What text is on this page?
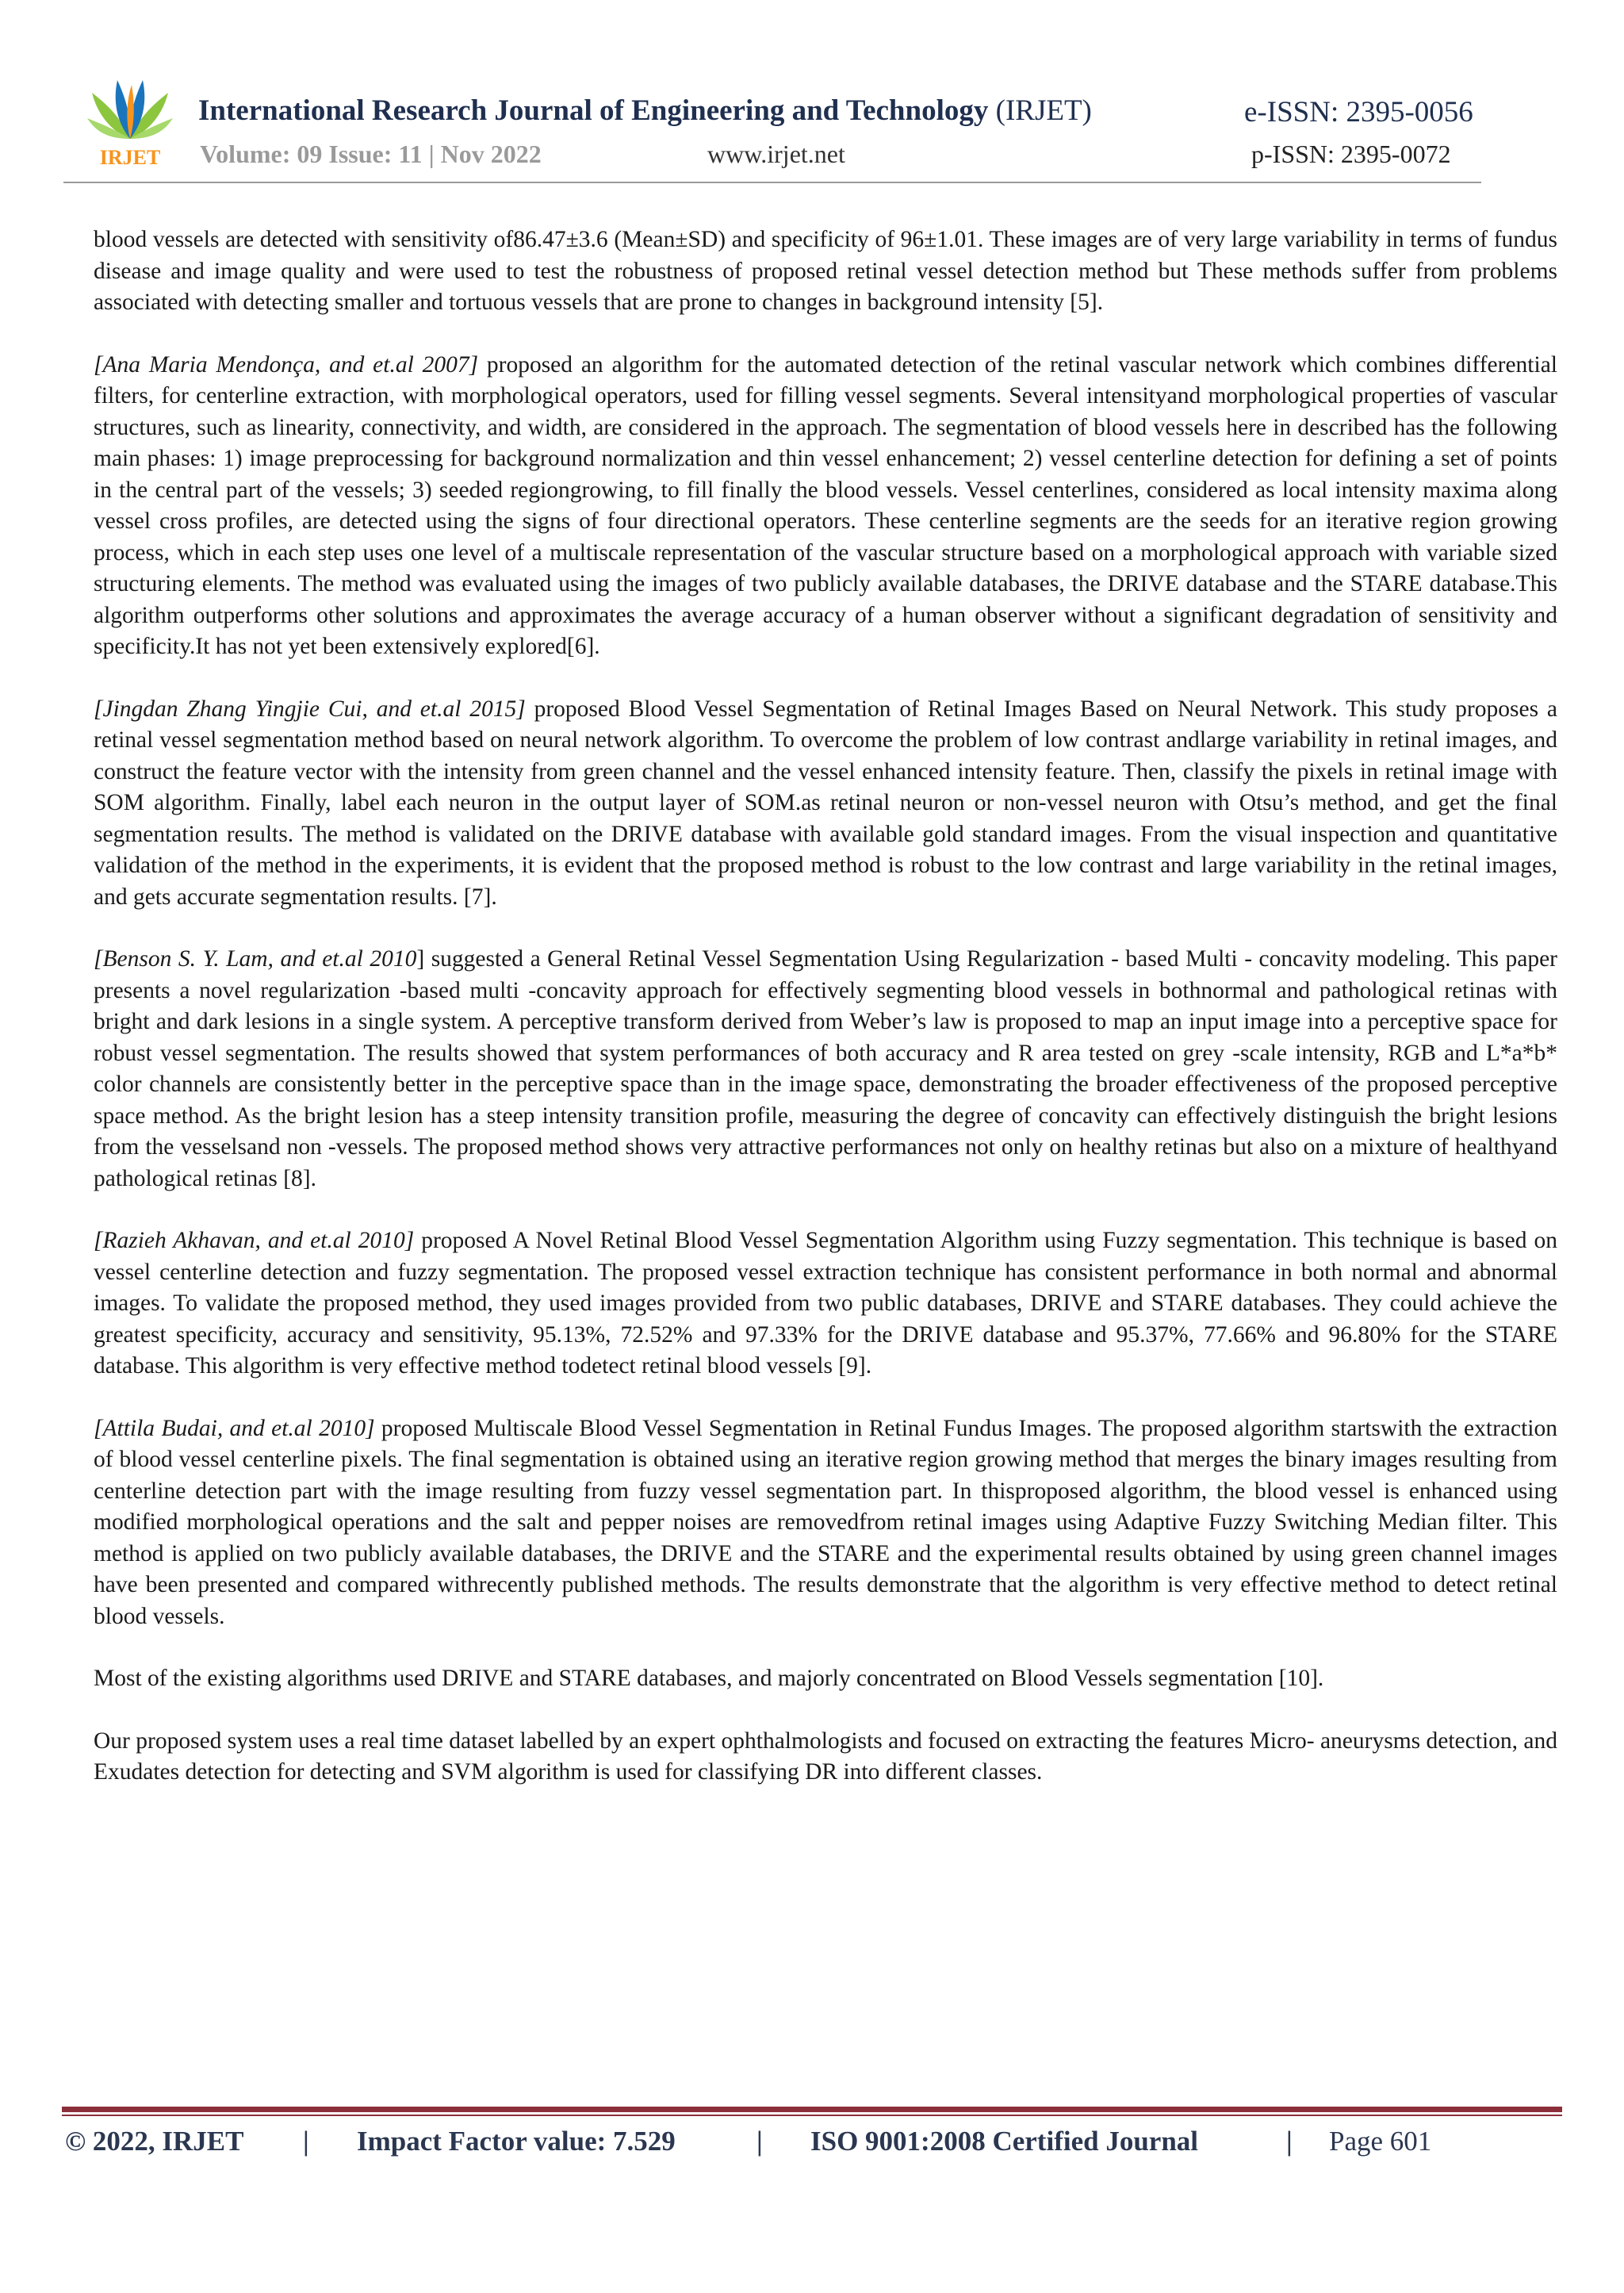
IRJET
International Research Journal of Engineering and Technology (IRJET)
Volume: 09 Issue: 11 | Nov 2022	www.irjet.net
e-ISSN: 2395-0056
p-ISSN: 2395-0072

blood vessels are detected with sensitivity of86.47±3.6 (Mean±SD) and specificity of 96±1.01. These images are of very large variability in terms of fundus disease and image quality and were used to test the robustness of proposed retinal vessel detection method but These methods suffer from problems associated with detecting smaller and tortuous vessels that are prone to changes in background intensity [5].

[Ana Maria Mendonça, and et.al 2007] proposed an algorithm for the automated detection of the retinal vascular network which combines differential filters, for centerline extraction, with morphological operators, used for filling vessel segments. Several intensityand morphological properties of vascular structures, such as linearity, connectivity, and width, are considered in the approach. The segmentation of blood vessels here in described has the following main phases: 1) image preprocessing for background normalization and thin vessel enhancement; 2) vessel centerline detection for defining a set of points in the central part of the vessels; 3) seeded regiongrowing, to fill finally the blood vessels. Vessel centerlines, considered as local intensity maxima along vessel cross profiles, are detected using the signs of four directional operators. These centerline segments are the seeds for an iterative region growing process, which in each step uses one level of a multiscale representation of the vascular structure based on a morphological approach with variable sized structuring elements. The method was evaluated using the images of two publicly available databases, the DRIVE database and the STARE database.This algorithm outperforms other solutions and approximates the average accuracy of a human observer without a significant degradation of sensitivity and specificity.It has not yet been extensively explored[6].

[Jingdan Zhang Yingjie Cui, and et.al 2015] proposed Blood Vessel Segmentation of Retinal Images Based on Neural Network. This study proposes a retinal vessel segmentation method based on neural network algorithm. To overcome the problem of low contrast andlarge variability in retinal images, and construct the feature vector with the intensity from green channel and the vessel enhanced intensity feature. Then, classify the pixels in retinal image with SOM algorithm. Finally, label each neuron in the output layer of SOM.as retinal neuron or non-vessel neuron with Otsu’s method, and get the final segmentation results. The method is validated on the DRIVE database with available gold standard images. From the visual inspection and quantitative validation of the method in the experiments, it is evident that the proposed method is robust to the low contrast and large variability in the retinal images, and gets accurate segmentation results. [7].

[Benson S. Y. Lam, and et.al 2010] suggested a General Retinal Vessel Segmentation Using Regularization - based Multi - concavity modeling. This paper presents a novel regularization -based multi -concavity approach for effectively segmenting blood vessels in bothnormal and pathological retinas with bright and dark lesions in a single system. A perceptive transform derived from Weber’s law is proposed to map an input image into a perceptive space for robust vessel segmentation. The results showed that system performances of both accuracy and R area tested on grey -scale intensity, RGB and L*a*b* color channels are consistently better in the perceptive space than in the image space, demonstrating the broader effectiveness of the proposed perceptive space method. As the bright lesion has a steep intensity transition profile, measuring the degree of concavity can effectively distinguish the bright lesions from the vesselsand non -vessels. The proposed method shows very attractive performances not only on healthy retinas but also on a mixture of healthyand pathological retinas [8].

[Razieh Akhavan, and et.al 2010] proposed A Novel Retinal Blood Vessel Segmentation Algorithm using Fuzzy segmentation. This technique is based on vessel centerline detection and fuzzy segmentation. The proposed vessel extraction technique has consistent performance in both normal and abnormal images. To validate the proposed method, they used images provided from two public databases, DRIVE and STARE databases. They could achieve the greatest specificity, accuracy and sensitivity, 95.13%, 72.52% and 97.33% for the DRIVE database and 95.37%, 77.66% and 96.80% for the STARE database. This algorithm is very effective method todetect retinal blood vessels [9].

[Attila Budai, and et.al 2010] proposed Multiscale Blood Vessel Segmentation in Retinal Fundus Images. The proposed algorithm startswith the extraction of blood vessel centerline pixels. The final segmentation is obtained using an iterative region growing method that merges the binary images resulting from centerline detection part with the image resulting from fuzzy vessel segmentation part. In thisproposed algorithm, the blood vessel is enhanced using modified morphological operations and the salt and pepper noises are removedfrom retinal images using Adaptive Fuzzy Switching Median filter. This method is applied on two publicly available databases, the DRIVE and the STARE and the experimental results obtained by using green channel images have been presented and compared withrecently published methods. The results demonstrate that the algorithm is very effective method to detect retinal blood vessels.

Most of the existing algorithms used DRIVE and STARE databases, and majorly concentrated on Blood Vessels segmentation [10].

Our proposed system uses a real time dataset labelled by an expert ophthalmologists and focused on extracting the features Micro- aneurysms detection, and Exudates detection for detecting and SVM algorithm is used for classifying DR into different classes.

© 2022, IRJET | Impact Factor value: 7.529	| ISO 9001:2008 Certified Journal	| Page 601
